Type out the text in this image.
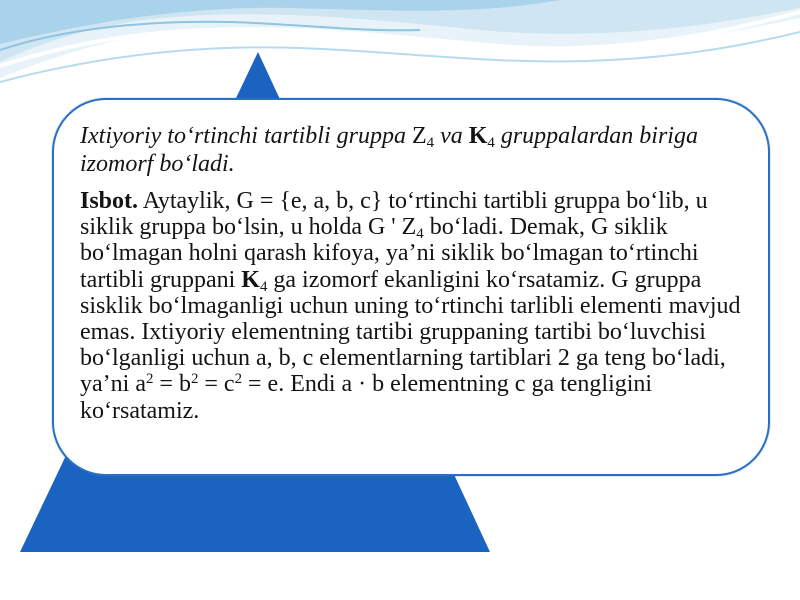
Ixtiyoriy to‘rtinchi tartibli gruppa $Z_4$ va $K_4$ gruppalardan biriga izomorf bo‘ladi.

Isbot. Aytaylik, G = {e, a, b, c} to‘rtinchi tartibli gruppa bo‘lib, u siklik gruppa bo‘lsin, u holda G ' $Z_4$ bo‘ladi. Demak, G siklik bo‘lmagan holni qarash kifoya, ya’ni siklik bo‘lmagan to‘rtinchi tartibli gruppani $K_4$ ga izomorf ekanligini ko‘rsatamiz. G gruppa sisklik bo‘lmaganligi uchun uning to‘rtinchi tarlibli elementi mavjud emas. Ixtiyoriy elementning tartibi gruppaning tartibi bo‘luvchisi bo‘lganligi uchun a, b, c elementlarning tartiblari 2 ga teng bo‘ladi, ya’ni $a^2 = b^2 = c^2 = e$. Endi a · b elementning c ga tengligini ko‘rsatamiz.
